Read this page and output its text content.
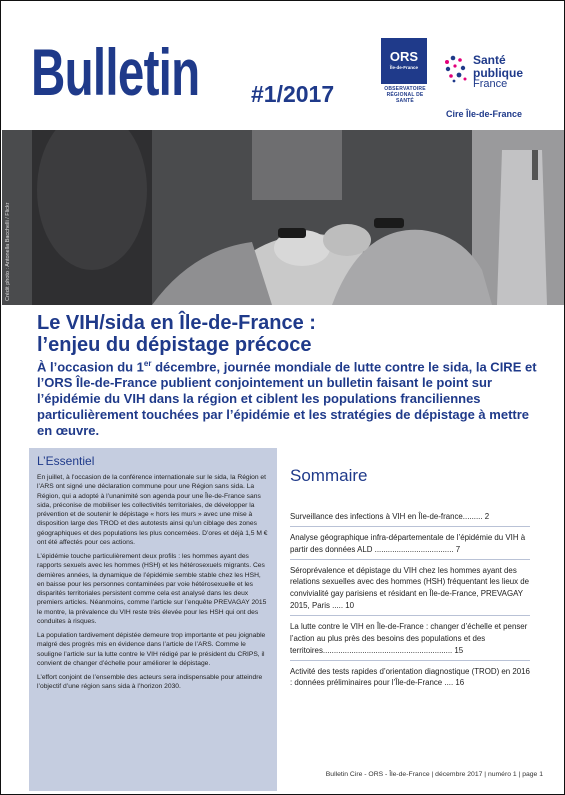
Bulletin #1/2017
ORS
Île-de-France
OBSERVATOIRE RÉGIONAL DE SANTÉ
Santé
publique
France
Cire Île-de-France
Crédit photo : Antonella Bacchelli / Flickr
Le VIH/sida en Île-de-France :
l’enjeu du dépistage précoce
À l’occasion du 1er décembre, journée mondiale de lutte contre le sida, la CIRE et l’ORS Île-de-France publient conjointement un bulletin faisant le point sur l’épidémie du VIH dans la région et ciblent les populations franciliennes particulièrement touchées par l’épidémie et les stratégies de dépistage à mettre en œuvre.
L’Essentiel

En juillet, à l’occasion de la conférence internationale sur le sida, la Région et l’ARS ont signé une déclaration commune pour une Région sans sida. La Région, qui a adopté à l’unanimité son agenda pour une Île-de-France sans sida, préconise de mobiliser les collectivités territoriales, de développer la prévention et de soutenir le dépistage « hors les murs » avec une mise à disposition large des TROD et des autotests ainsi qu’un ciblage des zones géographiques et des populations les plus concernées. D’ores et déjà 1,5 M € ont été affectés pour ces actions.

L’épidémie touche particulièrement deux profils : les hommes ayant des rapports sexuels avec les hommes (HSH) et les hétérosexuels migrants. Ces dernières années, la dynamique de l’épidémie semble stable chez les HSH, en baisse pour les personnes contaminées par voie hétérosexuelle et les disparités territoriales persistent comme cela est analysé dans les deux premiers articles. Néanmoins, comme l’article sur l’enquête PREVAGAY 2015 le montre, la prévalence du VIH reste très élevée pour les HSH qui ont des conduites à risques.

La population tardivement dépistée demeure trop importante et peu joignable malgré des progrès mis en évidence dans l’article de l’ARS. Comme le souligne l’article sur la lutte contre le VIH rédigé par le président du CRIPS, il convient de changer d’échelle pour améliorer le dépistage.

L’effort conjoint de l’ensemble des acteurs sera indispensable pour atteindre l’objectif d’une région sans sida à l’horizon 2030.

Sommaire
Surveillance des infections à VIH en Île-de-france......... 2
Analyse géographique infra-départementale de l’épidémie du VIH à partir des données ALD .................................... 7
Séroprévalence et dépistage du VIH chez les hommes ayant des relations sexuelles avec des hommes (HSH) fréquentant les lieux de convivialité gay parisiens et résidant en Île-de-France, PREVAGAY 2015, Paris ..... 10
La lutte contre le VIH en Île-de-France : changer d’échelle et penser l’action au plus près des besoins des populations et des territoires........................................................... 15
Activité des tests rapides d’orientation diagnostique (TROD) en 2016 : données préliminaires pour l’Île-de-France .... 16
Bulletin Cire - ORS - Île-de-France | décembre 2017 | numéro 1 | page 1
